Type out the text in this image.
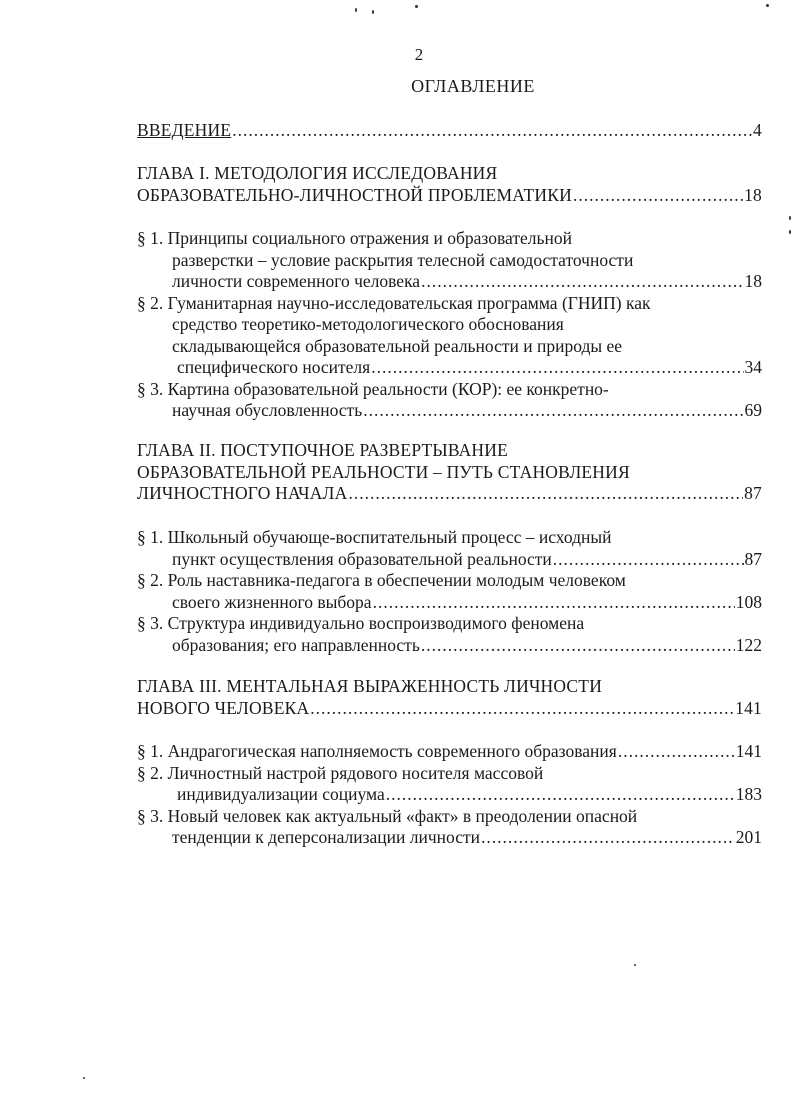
2
ОГЛАВЛЕНИЕ
ВВЕДЕНИЕ .....	4
ГЛАВА I. МЕТОДОЛОГИЯ ИССЛЕДОВАНИЯ
ОБРАЗОВАТЕЛЬНО-ЛИЧНОСТНОЙ ПРОБЛЕМАТИКИ .....	18
§ 1. Принципы социального отражения и образовательной
разверстки – условие раскрытия телесной самодостаточности
личности современного человека .....	18
§ 2. Гуманитарная научно-исследовательская программа (ГНИП) как
средство теоретико-методологического обоснования
складывающейся образовательной реальности и природы ее
специфического носителя .....	34
§ 3. Картина образовательной реальности (КОР): ее конкретно-
научная обусловленность .....	69
ГЛАВА II. ПОСТУПОЧНОЕ РАЗВЕРТЫВАНИЕ
ОБРАЗОВАТЕЛЬНОЙ РЕАЛЬНОСТИ – ПУТЬ СТАНОВЛЕНИЯ
ЛИЧНОСТНОГО НАЧАЛА .....	87
§ 1. Школьный обучающе-воспитательный процесс – исходный
пункт осуществления образовательной реальности .....	87
§ 2. Роль наставника-педагога в обеспечении молодым человеком
своего жизненного выбора .....	108
§ 3. Структура индивидуально воспроизводимого феномена
образования; его направленность .....	122
ГЛАВА III. МЕНТАЛЬНАЯ ВЫРАЖЕННОСТЬ ЛИЧНОСТИ
НОВОГО ЧЕЛОВЕКА .....	141
§ 1. Андрагогическая наполняемость современного образования .....	141
§ 2. Личностный настрой рядового носителя массовой
индивидуализации социума .....	183
§ 3. Новый человек как актуальный «факт» в преодолении опасной
тенденции к деперсонализации личности .....	201
